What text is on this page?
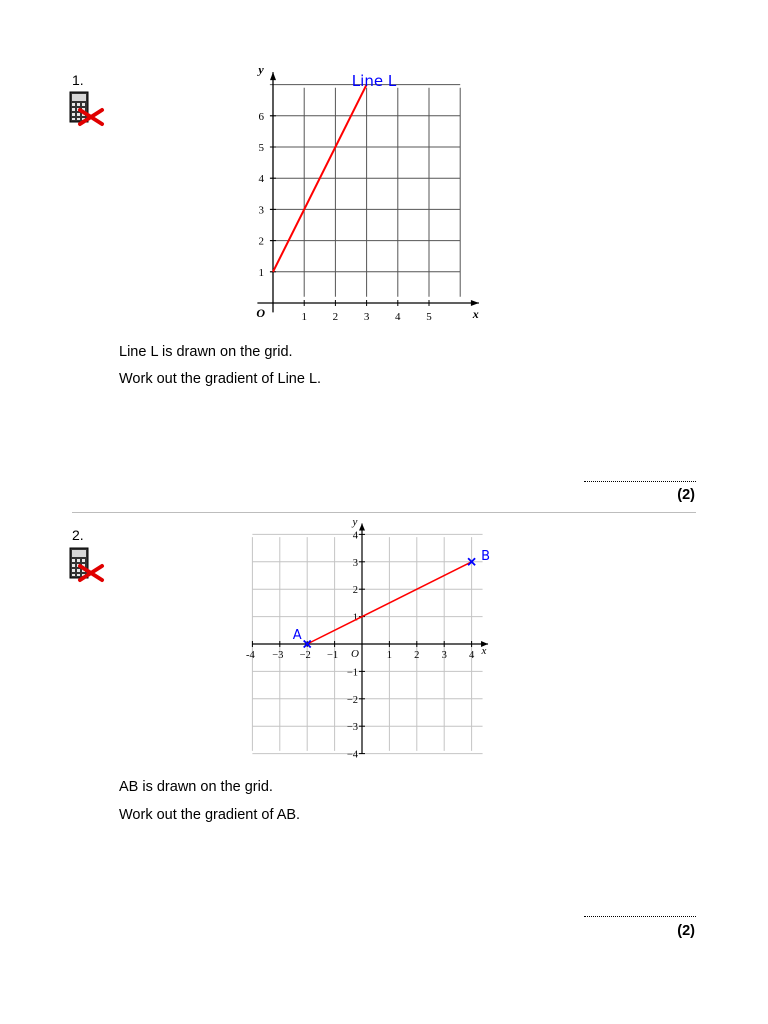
1.
1 2 3 4 5
1
2
3
4
5
6
O	x
y
Line L
Line L is drawn on the grid.
Work out the gradient of Line L.
(2)
2.
-4 −3 −2 −1	1 2 3 4
4
3
2
1
−1
−2
−3
−4
O	x
y
A
B
AB is drawn on the grid.
Work out the gradient of AB.
(2)
